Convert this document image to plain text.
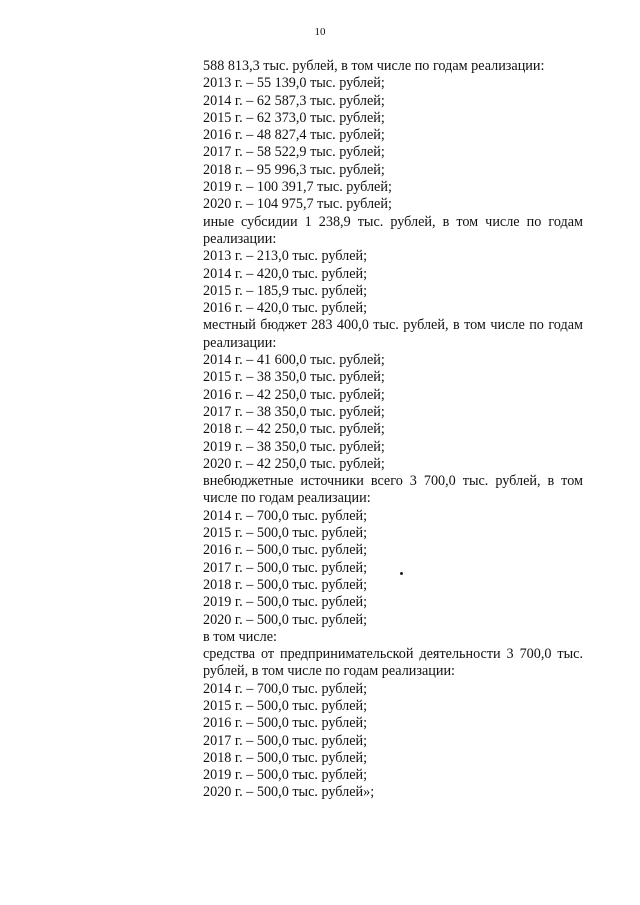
10
588 813,3 тыс. рублей, в том числе по годам реализации:
2013 г. – 55 139,0 тыс. рублей;
2014 г. – 62 587,3 тыс. рублей;
2015 г. – 62 373,0 тыс. рублей;
2016 г. – 48 827,4 тыс. рублей;
2017 г. – 58 522,9 тыс. рублей;
2018 г. – 95 996,3 тыс. рублей;
2019 г. – 100 391,7 тыс. рублей;
2020 г. – 104 975,7 тыс. рублей;
иные субсидии 1 238,9 тыс. рублей, в том числе по годам реализации:
2013 г. – 213,0 тыс. рублей;
2014 г. – 420,0 тыс. рублей;
2015 г. – 185,9 тыс. рублей;
2016 г. – 420,0 тыс. рублей;
местный бюджет 283 400,0 тыс. рублей, в том числе по годам реализации:
2014 г. – 41 600,0 тыс. рублей;
2015 г. – 38 350,0 тыс. рублей;
2016 г. – 42 250,0 тыс. рублей;
2017 г. – 38 350,0 тыс. рублей;
2018 г. – 42 250,0 тыс. рублей;
2019 г. – 38 350,0 тыс. рублей;
2020 г. – 42 250,0 тыс. рублей;
внебюджетные источники всего 3 700,0 тыс. рублей, в том числе по годам реализации:
2014 г. – 700,0 тыс. рублей;
2015 г. – 500,0 тыс. рублей;
2016 г. – 500,0 тыс. рублей;
2017 г. – 500,0 тыс. рублей;
2018 г. – 500,0 тыс. рублей;
2019 г. – 500,0 тыс. рублей;
2020 г. – 500,0 тыс. рублей;
в том числе:
средства от предпринимательской деятельности 3 700,0 тыс. рублей, в том числе по годам реализации:
2014 г. – 700,0 тыс. рублей;
2015 г. – 500,0 тыс. рублей;
2016 г. – 500,0 тыс. рублей;
2017 г. – 500,0 тыс. рублей;
2018 г. – 500,0 тыс. рублей;
2019 г. – 500,0 тыс. рублей;
2020 г. – 500,0 тыс. рублей»;
